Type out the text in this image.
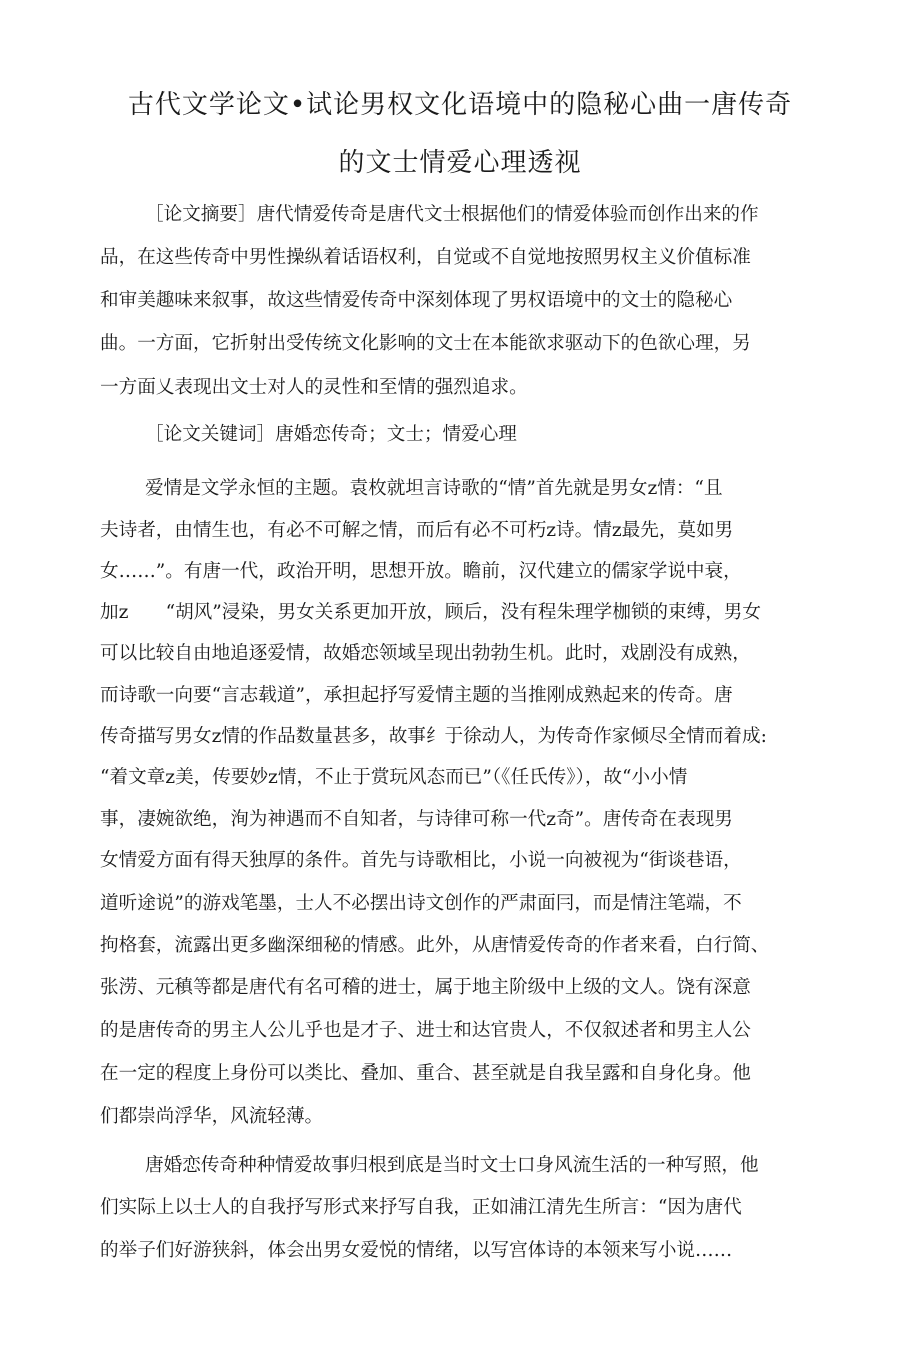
古代文学论文•试论男权文化语境中的隐秘心曲一唐传奇
的文士情爱心理透视
［论文摘要］唐代情爱传奇是唐代文士根据他们的情爱体验而创作出来的作
品，在这些传奇中男性操纵着话语权利，自觉或不自觉地按照男权主义价值标准
和审美趣味来叙事，故这些情爱传奇中深刻体现了男权语境中的文士的隐秘心
曲。一方面，它折射出受传统文化影响的文士在本能欲求驱动下的色欲心理，另
一方面乂表现出文士对人的灵性和至情的强烈追求。
［论文关键词］唐婚恋传奇；文士；情爱心理
爱情是文学永恒的主题。袁枚就坦言诗歌的“情”首先就是男女z情：“且
夫诗者，由情生也，有必不可解之情，而后有必不可朽z诗。情z最先，莫如男
女……”。有唐一代，政治开明，思想开放。瞻前，汉代建立的儒家学说中衰，
加z　　“胡风”浸染，男女关系更加开放，顾后，没有程朱理学枷锁的束缚，男女
可以比较自由地追逐爱情，故婚恋领域呈现出勃勃生机。此时，戏剧没有成熟，
而诗歌一向要“言志载道”，承担起抒写爱情主题的当推刚成熟起来的传奇。唐
传奇描写男女z情的作品数量甚多，故事纟于徐动人，为传奇作家倾尽全情而着成:
“着文章z美，传要妙z情，不止于赏玩风态而已”（《任氏传》），故“小小情
事，凄婉欲绝，洵为神遇而不自知者，与诗律可称一代z奇”。唐传奇在表现男
女情爱方面有得天独厚的条件。首先与诗歌相比，小说一向被视为“街谈巷语，
道听途说”的游戏笔墨，士人不必摆出诗文创作的严肃面冃，而是情注笔端，不
拘格套，流露出更多幽深细秘的情感。此外，从唐情爱传奇的作者来看，白行简、
张涝、元稹等都是唐代有名可稽的进士，属于地主阶级中上级的文人。饶有深意
的是唐传奇的男主人公儿乎也是才子、进士和达官贵人，不仅叙述者和男主人公
在一定的程度上身份可以类比、叠加、重合、甚至就是自我呈露和自身化身。他
们都崇尚浮华，风流轻薄。
唐婚恋传奇种种情爱故事归根到底是当时文士口身风流生活的一种写照，他
们实际上以士人的自我抒写形式来抒写自我，正如浦江清先生所言：“因为唐代
的举子们好游狭斜，体会出男女爱悦的情绪，以写宫体诗的本领来写小说……
